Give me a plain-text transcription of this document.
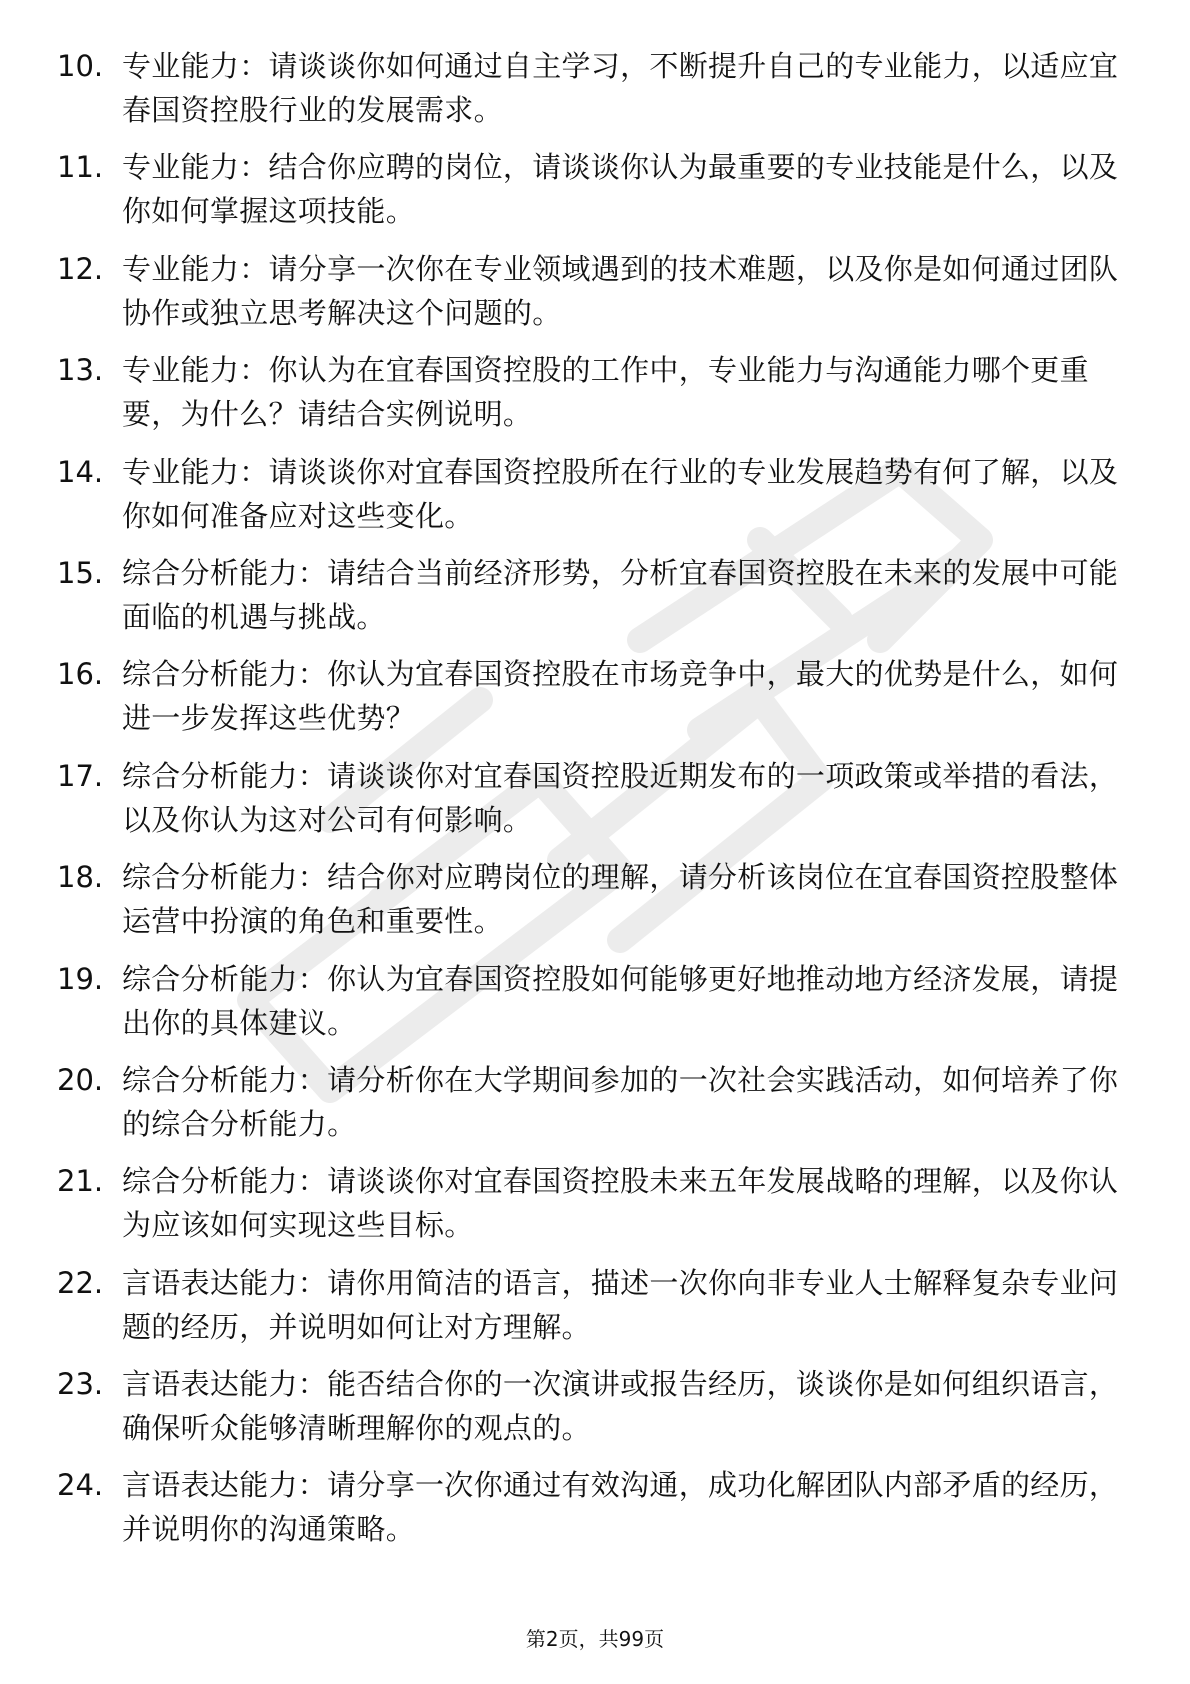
10. 专业能力：请谈谈你如何通过自主学习，不断提升自己的专业能力，以适应宜春国资控股行业的发展需求。
11. 专业能力：结合你应聘的岗位，请谈谈你认为最重要的专业技能是什么，以及你如何掌握这项技能。
12. 专业能力：请分享一次你在专业领域遇到的技术难题，以及你是如何通过团队协作或独立思考解决这个问题的。
13. 专业能力：你认为在宜春国资控股的工作中，专业能力与沟通能力哪个更重要，为什么？请结合实例说明。
14. 专业能力：请谈谈你对宜春国资控股所在行业的专业发展趋势有何了解，以及你如何准备应对这些变化。
15. 综合分析能力：请结合当前经济形势，分析宜春国资控股在未来的发展中可能面临的机遇与挑战。
16. 综合分析能力：你认为宜春国资控股在市场竞争中，最大的优势是什么，如何进一步发挥这些优势？
17. 综合分析能力：请谈谈你对宜春国资控股近期发布的一项政策或举措的看法，以及你认为这对公司有何影响。
18. 综合分析能力：结合你对应聘岗位的理解，请分析该岗位在宜春国资控股整体运营中扮演的角色和重要性。
19. 综合分析能力：你认为宜春国资控股如何能够更好地推动地方经济发展，请提出你的具体建议。
20. 综合分析能力：请分析你在大学期间参加的一次社会实践活动，如何培养了你的综合分析能力。
21. 综合分析能力：请谈谈你对宜春国资控股未来五年发展战略的理解，以及你认为应该如何实现这些目标。
22. 言语表达能力：请你用简洁的语言，描述一次你向非专业人士解释复杂专业问题的经历，并说明如何让对方理解。
23. 言语表达能力：能否结合你的一次演讲或报告经历，谈谈你是如何组织语言，确保听众能够清晰理解你的观点的。
24. 言语表达能力：请分享一次你通过有效沟通，成功化解团队内部矛盾的经历，并说明你的沟通策略。
第2页，共99页
